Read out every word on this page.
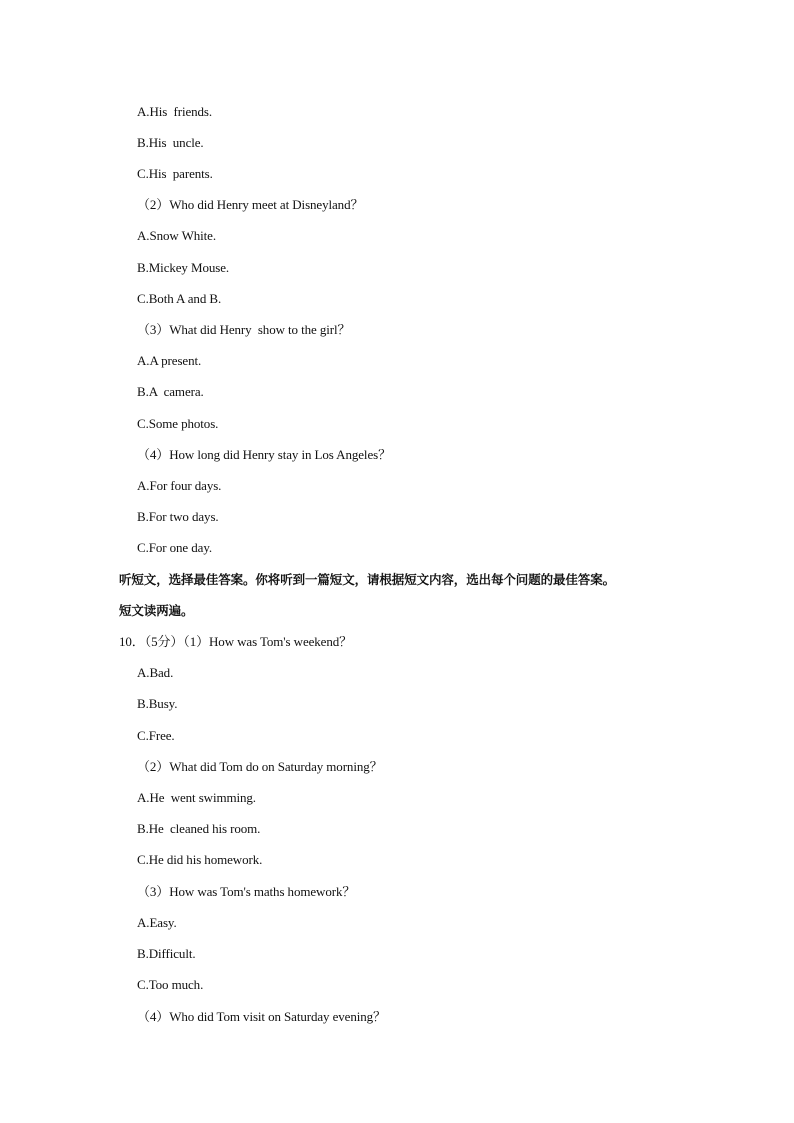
A.His  friends.
B.His  uncle.
C.His  parents.
（2）Who did Henry meet at Disneyland？
A.Snow White.
B.Mickey Mouse.
C.Both A and B.
（3）What did Henry  show to the girl？
A.A present.
B.A  camera.
C.Some photos.
（4）How long did Henry stay in Los Angeles？
A.For four days.
B.For two days.
C.For one day.
听短文，选择最佳答案。你将听到一篇短文，请根据短文内容，选出每个问题的最佳答案。
短文读两遍。
10．（5分）（1）How was Tom's weekend？
A.Bad.
B.Busy.
C.Free.
（2）What did Tom do on Saturday morning？
A.He  went swimming.
B.He  cleaned his room.
C.He did his homework.
（3）How was Tom's maths homework？
A.Easy.
B.Difficult.
C.Too much.
（4）Who did Tom visit on Saturday evening？
